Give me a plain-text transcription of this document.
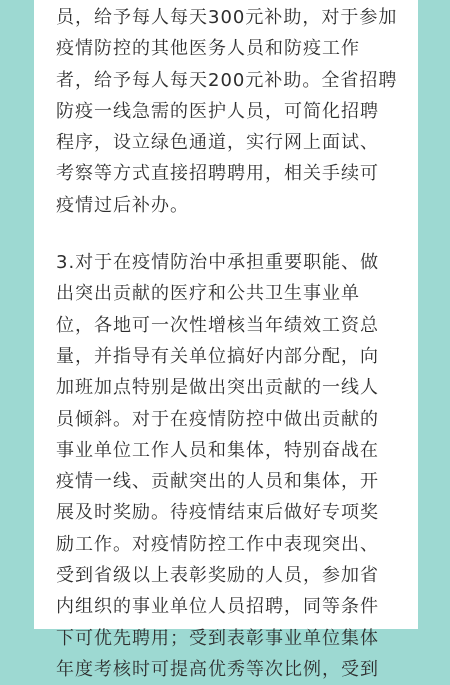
员，给予每人每天300元补助，对于参加
疫情防控的其他医务人员和防疫工作
者，给予每人每天200元补助。全省招聘
防疫一线急需的医护人员，可简化招聘
程序，设立绿色通道，实行网上面试、
考察等方式直接招聘聘用，相关手续可
疫情过后补办。

3.对于在疫情防治中承担重要职能、做
出突出贡献的医疗和公共卫生事业单
位，各地可一次性增核当年绩效工资总
量，并指导有关单位搞好内部分配，向
加班加点特别是做出突出贡献的一线人
员倾斜。对于在疫情防控中做出贡献的
事业单位工作人员和集体，特别奋战在
疫情一线、贡献突出的人员和集体，开
展及时奖励。待疫情结束后做好专项奖
励工作。对疫情防控工作中表现突出、
受到省级以上表彰奖励的人员，参加省
内组织的事业单位人员招聘，同等条件
下可优先聘用；受到表彰事业单位集体
年度考核时可提高优秀等次比例，受到
